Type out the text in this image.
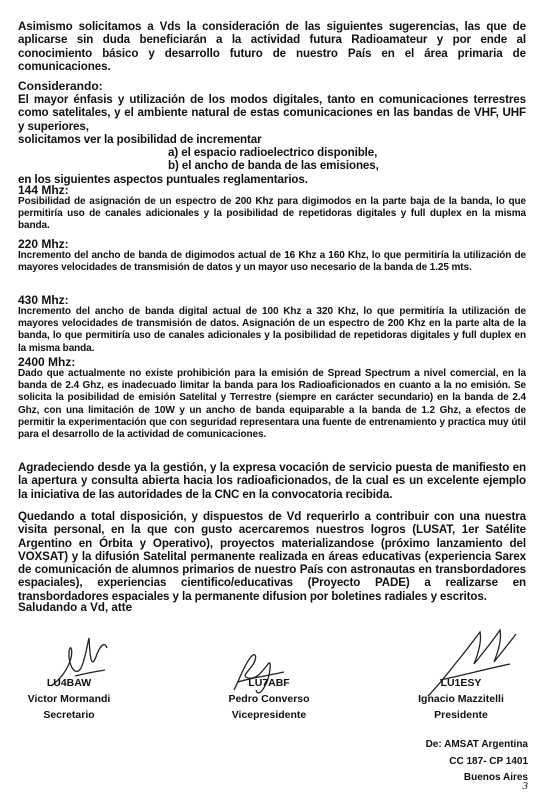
Asimismo solicitamos a Vds la consideración de las siguientes sugerencias, las que de aplicarse sin duda beneficiarán a la actividad futura Radioamateur y por ende al conocimiento básico y desarrollo futuro de nuestro País en el área primaria de comunicaciones.

Considerando:

El mayor énfasis y utilización de los modos digitales, tanto en comunicaciones terrestres como satelitales, y el ambiente natural de estas comunicaciones en las bandas de VHF, UHF y superiores,
solicitamos ver la posibilidad de incrementar
a) el espacio radioelectrico disponible,
b) el ancho de banda de las emisiones,
en los siguientes aspectos puntuales reglamentarios.

144 Mhz:

Posibilidad de asignación de un espectro de 200 Khz para digimodos en la parte baja de la banda, lo que permitiría uso de canales adicionales y la posibilidad de repetidoras digitales y full duplex en la misma banda.

220 Mhz:

Incremento del ancho de banda de digimodos actual de 16 Khz a 160 Khz, lo que permitiría la utilización de mayores velocidades de transmisión de datos y un mayor uso necesario de la banda de 1.25 mts.

430 Mhz:

Incremento del ancho de banda digital actual de 100 Khz a 320 Khz, lo que permitiría la utilización de mayores velocidades de transmisión de datos. Asignación de un espectro de 200 Khz en la parte alta de la banda, lo que permitiría uso de canales adicionales y la posibilidad de repetidoras digitales y full duplex en la misma banda.

2400 Mhz:

Dado que actualmente no existe prohibición para la emisión de Spread Spectrum a nivel comercial, en la banda de 2.4 Ghz, es inadecuado limitar la banda para los Radioaficionados en cuanto a la no emisión. Se solicita la posibilidad de emisión Satelital y Terrestre (siempre en carácter secundario) en la banda de 2.4 Ghz, con una limitación de 10W y un ancho de banda equiparable a la banda de 1.2 Ghz, a efectos de permitir la experimentación que con seguridad representara una fuente de entrenamiento y practica muy útil para el desarrollo de la actividad de comunicaciones.

Agradeciendo desde ya la gestión, y la expresa vocación de servicio puesta de manifiesto en la apertura y consulta abierta hacia los radioaficionados, de la cual es un excelente ejemplo la iniciativa de las autoridades de la CNC en la convocatoria recibida.

Quedando a total disposición, y dispuestos de Vd requerirlo a contribuir con una nuestra visita personal, en la que con gusto acercaremos nuestros logros (LUSAT, 1er Satélite Argentino en Órbita y Operativo), proyectos materializandose (próximo lanzamiento del VOXSAT) y la difusión Satelital permanente realizada en áreas educativas (experiencia Sarex de comunicación de alumnos primarios de nuestro País con astronautas en transbordadores espaciales), experiencias cientifico/educativas (Proyecto PADE) a realizarse en transbordadores espaciales y la permanente difusion por boletines radiales y escritos.

Saludando a Vd, atte

LU4BAW
Victor Mormandi
Secretario
LU7ABF
Pedro Converso
Vicepresidente
LU1ESY
Ignacio Mazzitelli
Presidente
De: AMSAT Argentina
CC 187- CP 1401
Buenos Aires
3
